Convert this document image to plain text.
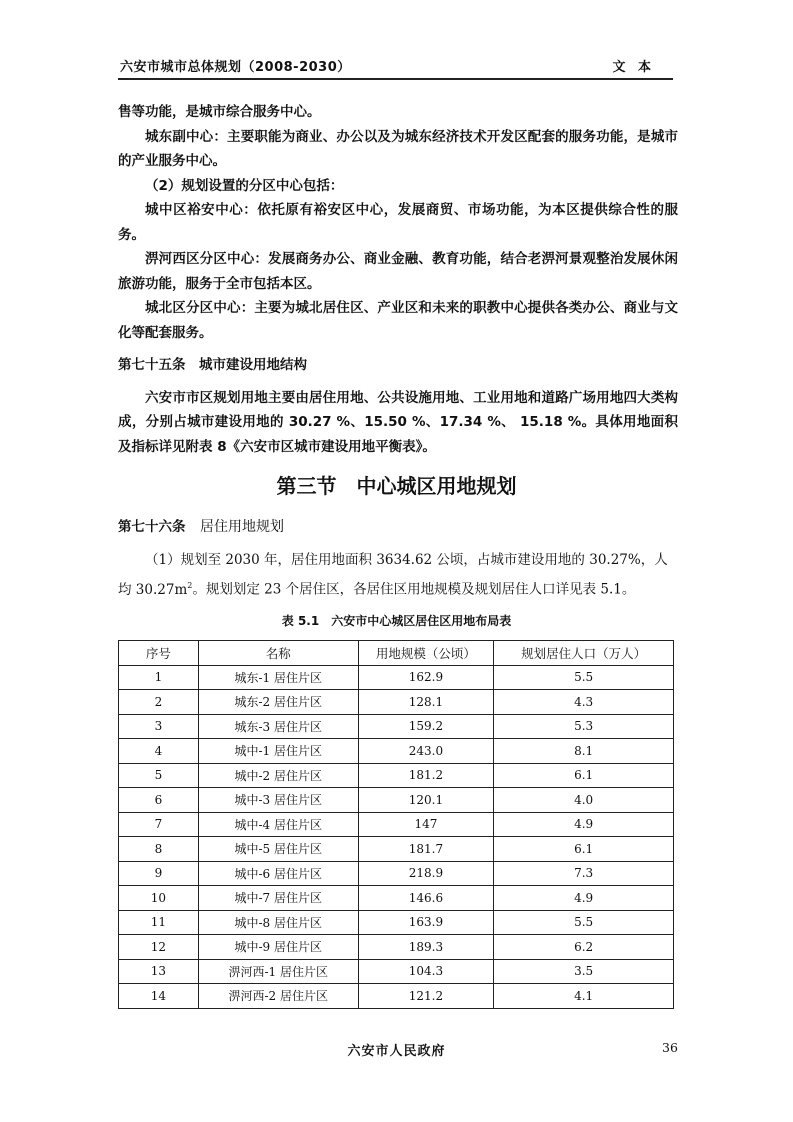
六安市城市总体规划（2008-2030）	文 本

售等功能，是城市综合服务中心。

城东副中心：主要职能为商业、办公以及为城东经济技术开发区配套的服务功能，是城市的产业服务中心。

（2）规划设置的分区中心包括：

城中区裕安中心：依托原有裕安区中心，发展商贸、市场功能，为本区提供综合性的服务。

淠河西区分区中心：发展商务办公、商业金融、教育功能，结合老淠河景观整治发展休闲旅游功能，服务于全市包括本区。

城北区分区中心：主要为城北居住区、产业区和未来的职教中心提供各类办公、商业与文化等配套服务。

第七十五条　城市建设用地结构

六安市市区规划用地主要由居住用地、公共设施用地、工业用地和道路广场用地四大类构成，分别占城市建设用地的 30.27 %、15.50 %、17.34 %、 15.18 %。具体用地面积及指标详见附表 8《六安市区城市建设用地平衡表》。

第三节　中心城区用地规划
第七十六条 居住用地规划
（1）规划至 2030 年，居住用地面积 3634.62 公顷，占城市建设用地的 30.27%，人均 $30.27m^2$。规划划定 23 个居住区，各居住区用地规模及规划居住人口详见表 5.1。
表 5.1　六安市中心城区居住区用地布局表
序号	名称	用地规模（公顷）	规划居住人口（万人）
1	城东-1 居住片区	162.9	5.5
2	城东-2 居住片区	128.1	4.3
3	城东-3 居住片区	159.2	5.3
4	城中-1 居住片区	243.0	8.1
5	城中-2 居住片区	181.2	6.1
6	城中-3 居住片区	120.1	4.0
7	城中-4 居住片区	147	4.9
8	城中-5 居住片区	181.7	6.1
9	城中-6 居住片区	218.9	7.3
10	城中-7 居住片区	146.6	4.9
11	城中-8 居住片区	163.9	5.5
12	城中-9 居住片区	189.3	6.2
13	淠河西-1 居住片区	104.3	3.5
14	淠河西-2 居住片区	121.2	4.1
六安市人民政府	36
